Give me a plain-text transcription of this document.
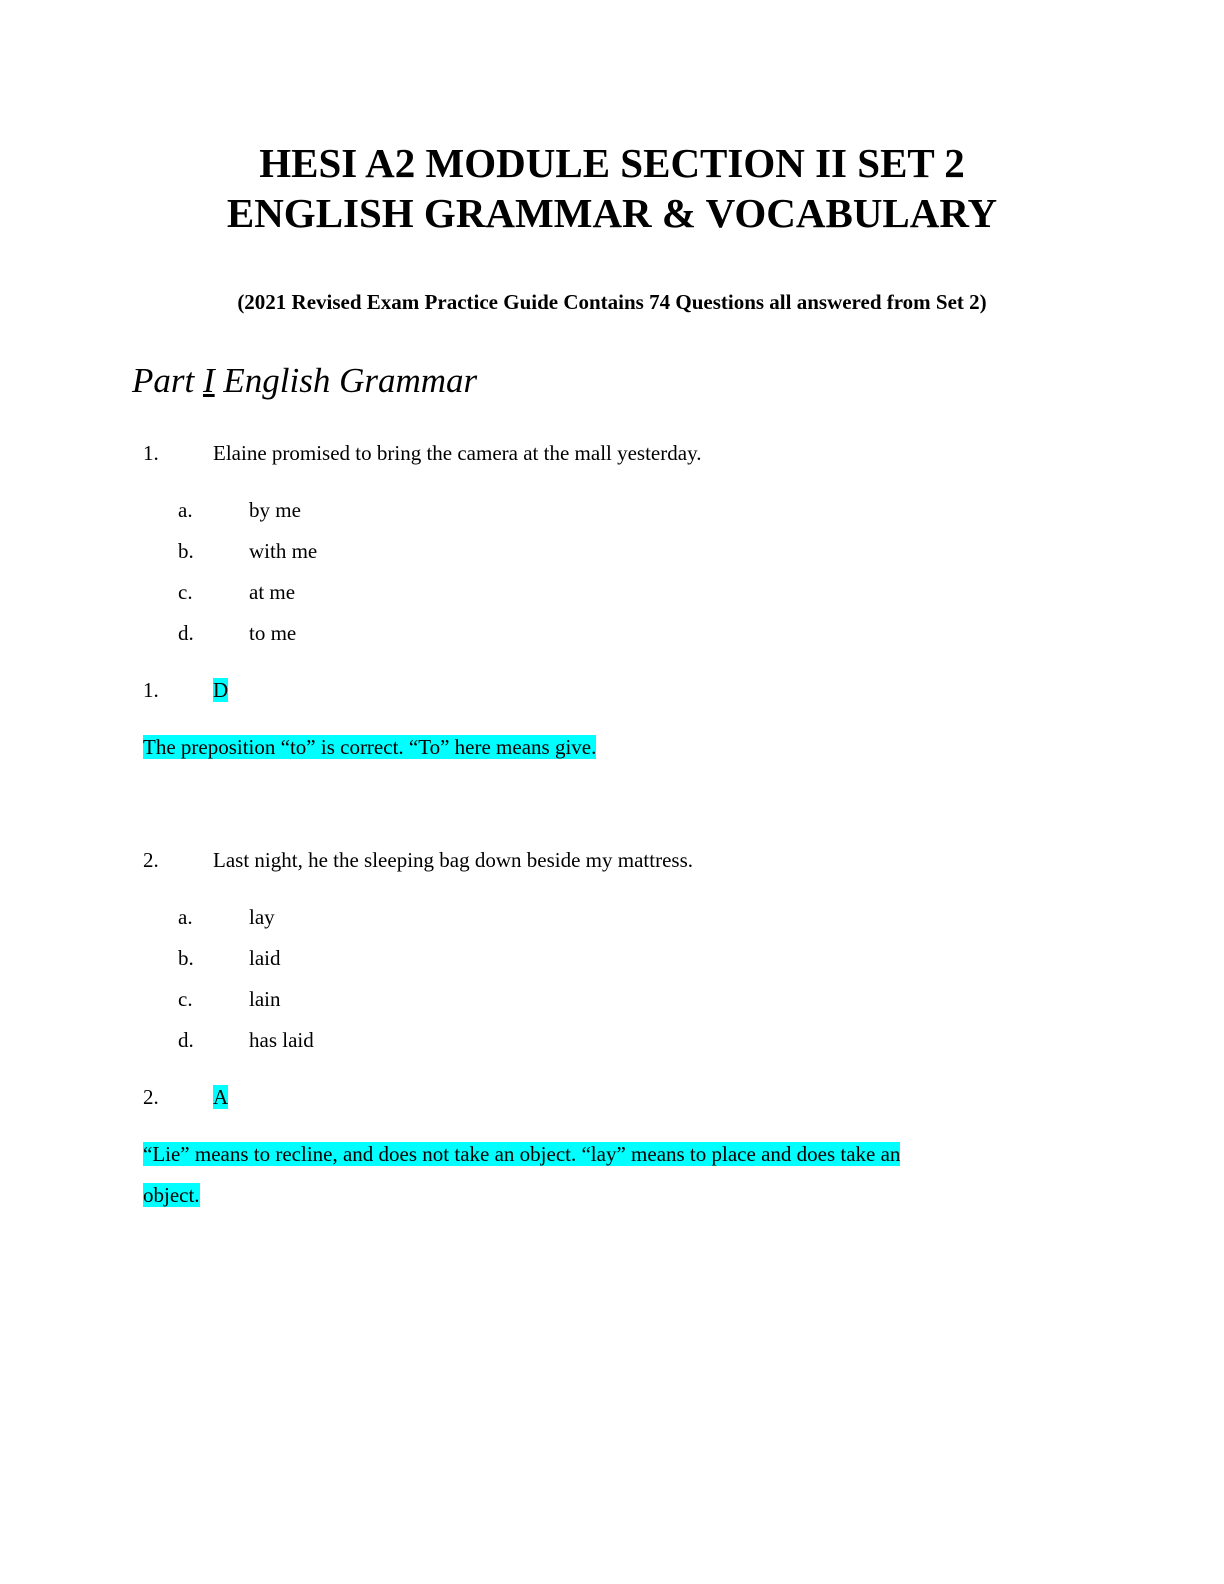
HESI A2 MODULE SECTION II SET 2
ENGLISH GRAMMAR & VOCABULARY
(2021 Revised Exam Practice Guide Contains 74 Questions all answered from Set 2)
Part I English Grammar
1.	Elaine promised to bring the camera at the mall yesterday.
a.	by me
b.	with me
c.	at me
d.	to me
1.	D
The preposition “to” is correct. “To” here means give.
2.	Last night, he the sleeping bag down beside my mattress.
a.	lay
b.	laid
c.	lain
d.	has laid
2.	A
“Lie” means to recline, and does not take an object. “lay” means to place and does take an
object.
